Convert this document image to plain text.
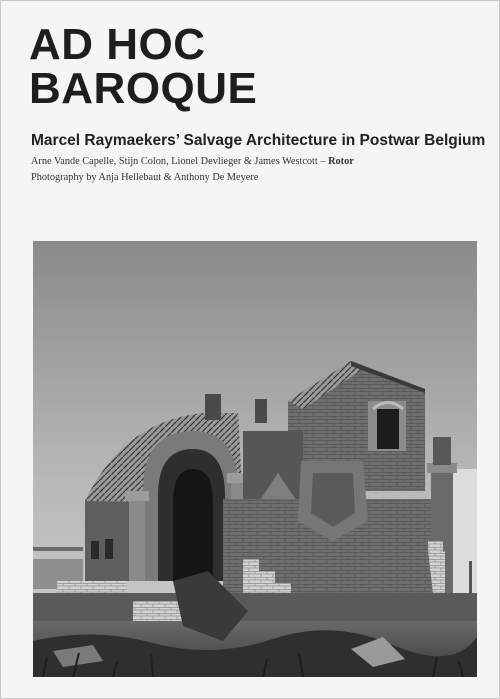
AD HOC
BAROQUE

Marcel Raymaekers’ Salvage Architecture in Postwar Belgium

Arne Vande Capelle, Stijn Colon, Lionel Devlieger & James Westcott – Rotor

Photography by Anja Hellebaut & Anthony De Meyere
